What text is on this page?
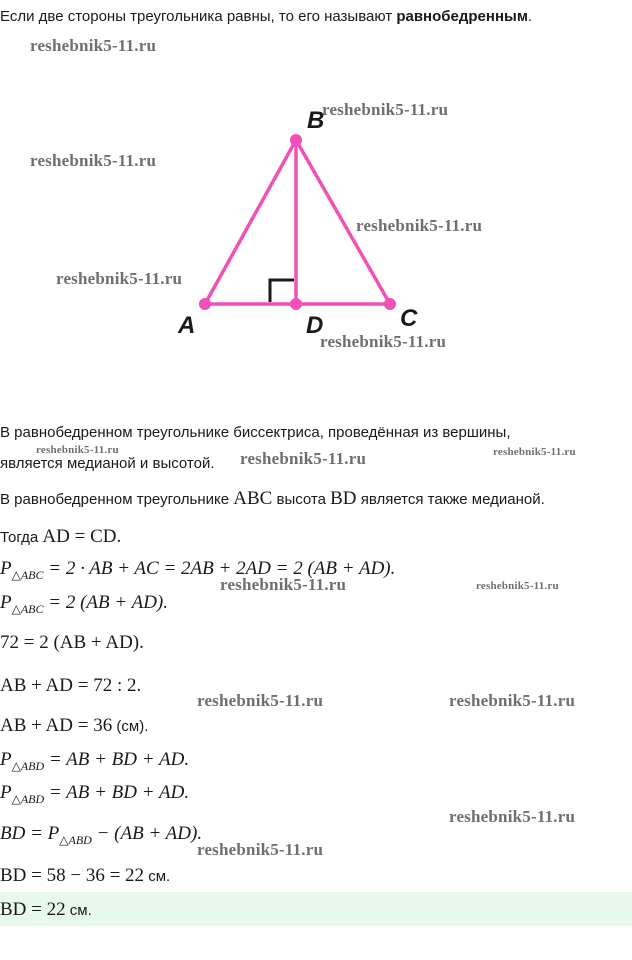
Если две стороны треугольника равны, то его называют равнобедренным.
reshebnik5-11.ru
reshebnik5-11.ru
reshebnik5-11.ru
reshebnik5-11.ru
reshebnik5-11.ru
reshebnik5-11.ru
B
A	D	C
В равнобедренном треугольнике биссектриса, проведённая из вершины,
reshebnik5-11.ru
является медианой и высотой. reshebnik5-11.ru	reshebnik5-11.ru
В равнобедренном треугольнике ABC высота BD является также медианой.
Тогда AD = CD.
$P_{\triangle ABC} = 2$ · AB + AC = 2AB + 2AD = 2 (AB + AD).
reshebnik5-11.ru	reshebnik5-11.ru
$P_{\triangle ABC} = 2$ (AB + AD).
72 = 2 (AB + AD).
AB + AD = 72 : 2.
reshebnik5-11.ru	reshebnik5-11.ru
AB + AD = 36 (см).
$P_{\triangle ABD}$ = AB + BD + AD.
$P_{\triangle ABD}$ = AB + BD + AD.
reshebnik5-11.ru
BD = $P_{\triangle ABD} - (AB + AD)$.
reshebnik5-11.ru
BD = 58 − 36 = 22 см.
BD = 22 см.
